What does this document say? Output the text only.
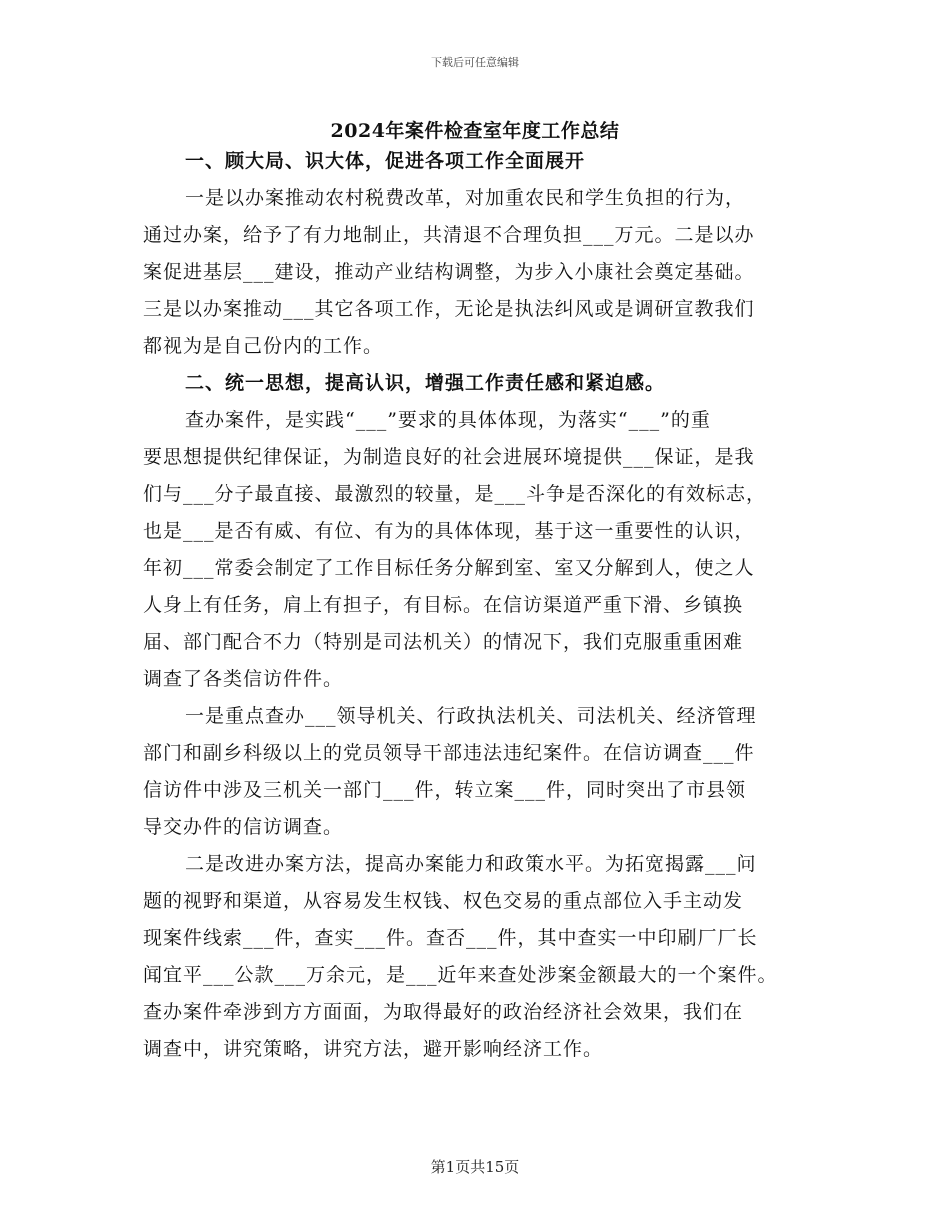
下载后可任意编辑
2024年案件检查室年度工作总结
一、顾大局、识大体，促进各项工作全面展开
一是以办案推动农村税费改革，对加重农民和学生负担的行为，
通过办案，给予了有力地制止，共清退不合理负担___万元。二是以办
案促进基层___建设，推动产业结构调整，为步入小康社会奠定基础。
三是以办案推动___其它各项工作，无论是执法纠风或是调研宣教我们
都视为是自己份内的工作。
二、统一思想，提高认识，增强工作责任感和紧迫感。
查办案件，是实践“___”要求的具体体现，为落实“___”的重
要思想提供纪律保证，为制造良好的社会进展环境提供___保证，是我
们与___分子最直接、最激烈的较量，是___斗争是否深化的有效标志，
也是___是否有威、有位、有为的具体体现，基于这一重要性的认识，
年初___常委会制定了工作目标任务分解到室、室又分解到人，使之人
人身上有任务，肩上有担子，有目标。在信访渠道严重下滑、乡镇换
届、部门配合不力（特别是司法机关）的情况下，我们克服重重困难
调查了各类信访件件。
一是重点查办___领导机关、行政执法机关、司法机关、经济管理
部门和副乡科级以上的党员领导干部违法违纪案件。在信访调查___件
信访件中涉及三机关一部门___件，转立案___件，同时突出了市县领
导交办件的信访调查。
二是改进办案方法，提高办案能力和政策水平。为拓宽揭露___问
题的视野和渠道，从容易发生权钱、权色交易的重点部位入手主动发
现案件线索___件，查实___件。查否___件，其中查实一中印刷厂厂长
闻宜平___公款___万余元，是___近年来查处涉案金额最大的一个案件。
查办案件牵涉到方方面面，为取得最好的政治经济社会效果，我们在
调查中，讲究策略，讲究方法，避开影响经济工作。
第1页共15页
